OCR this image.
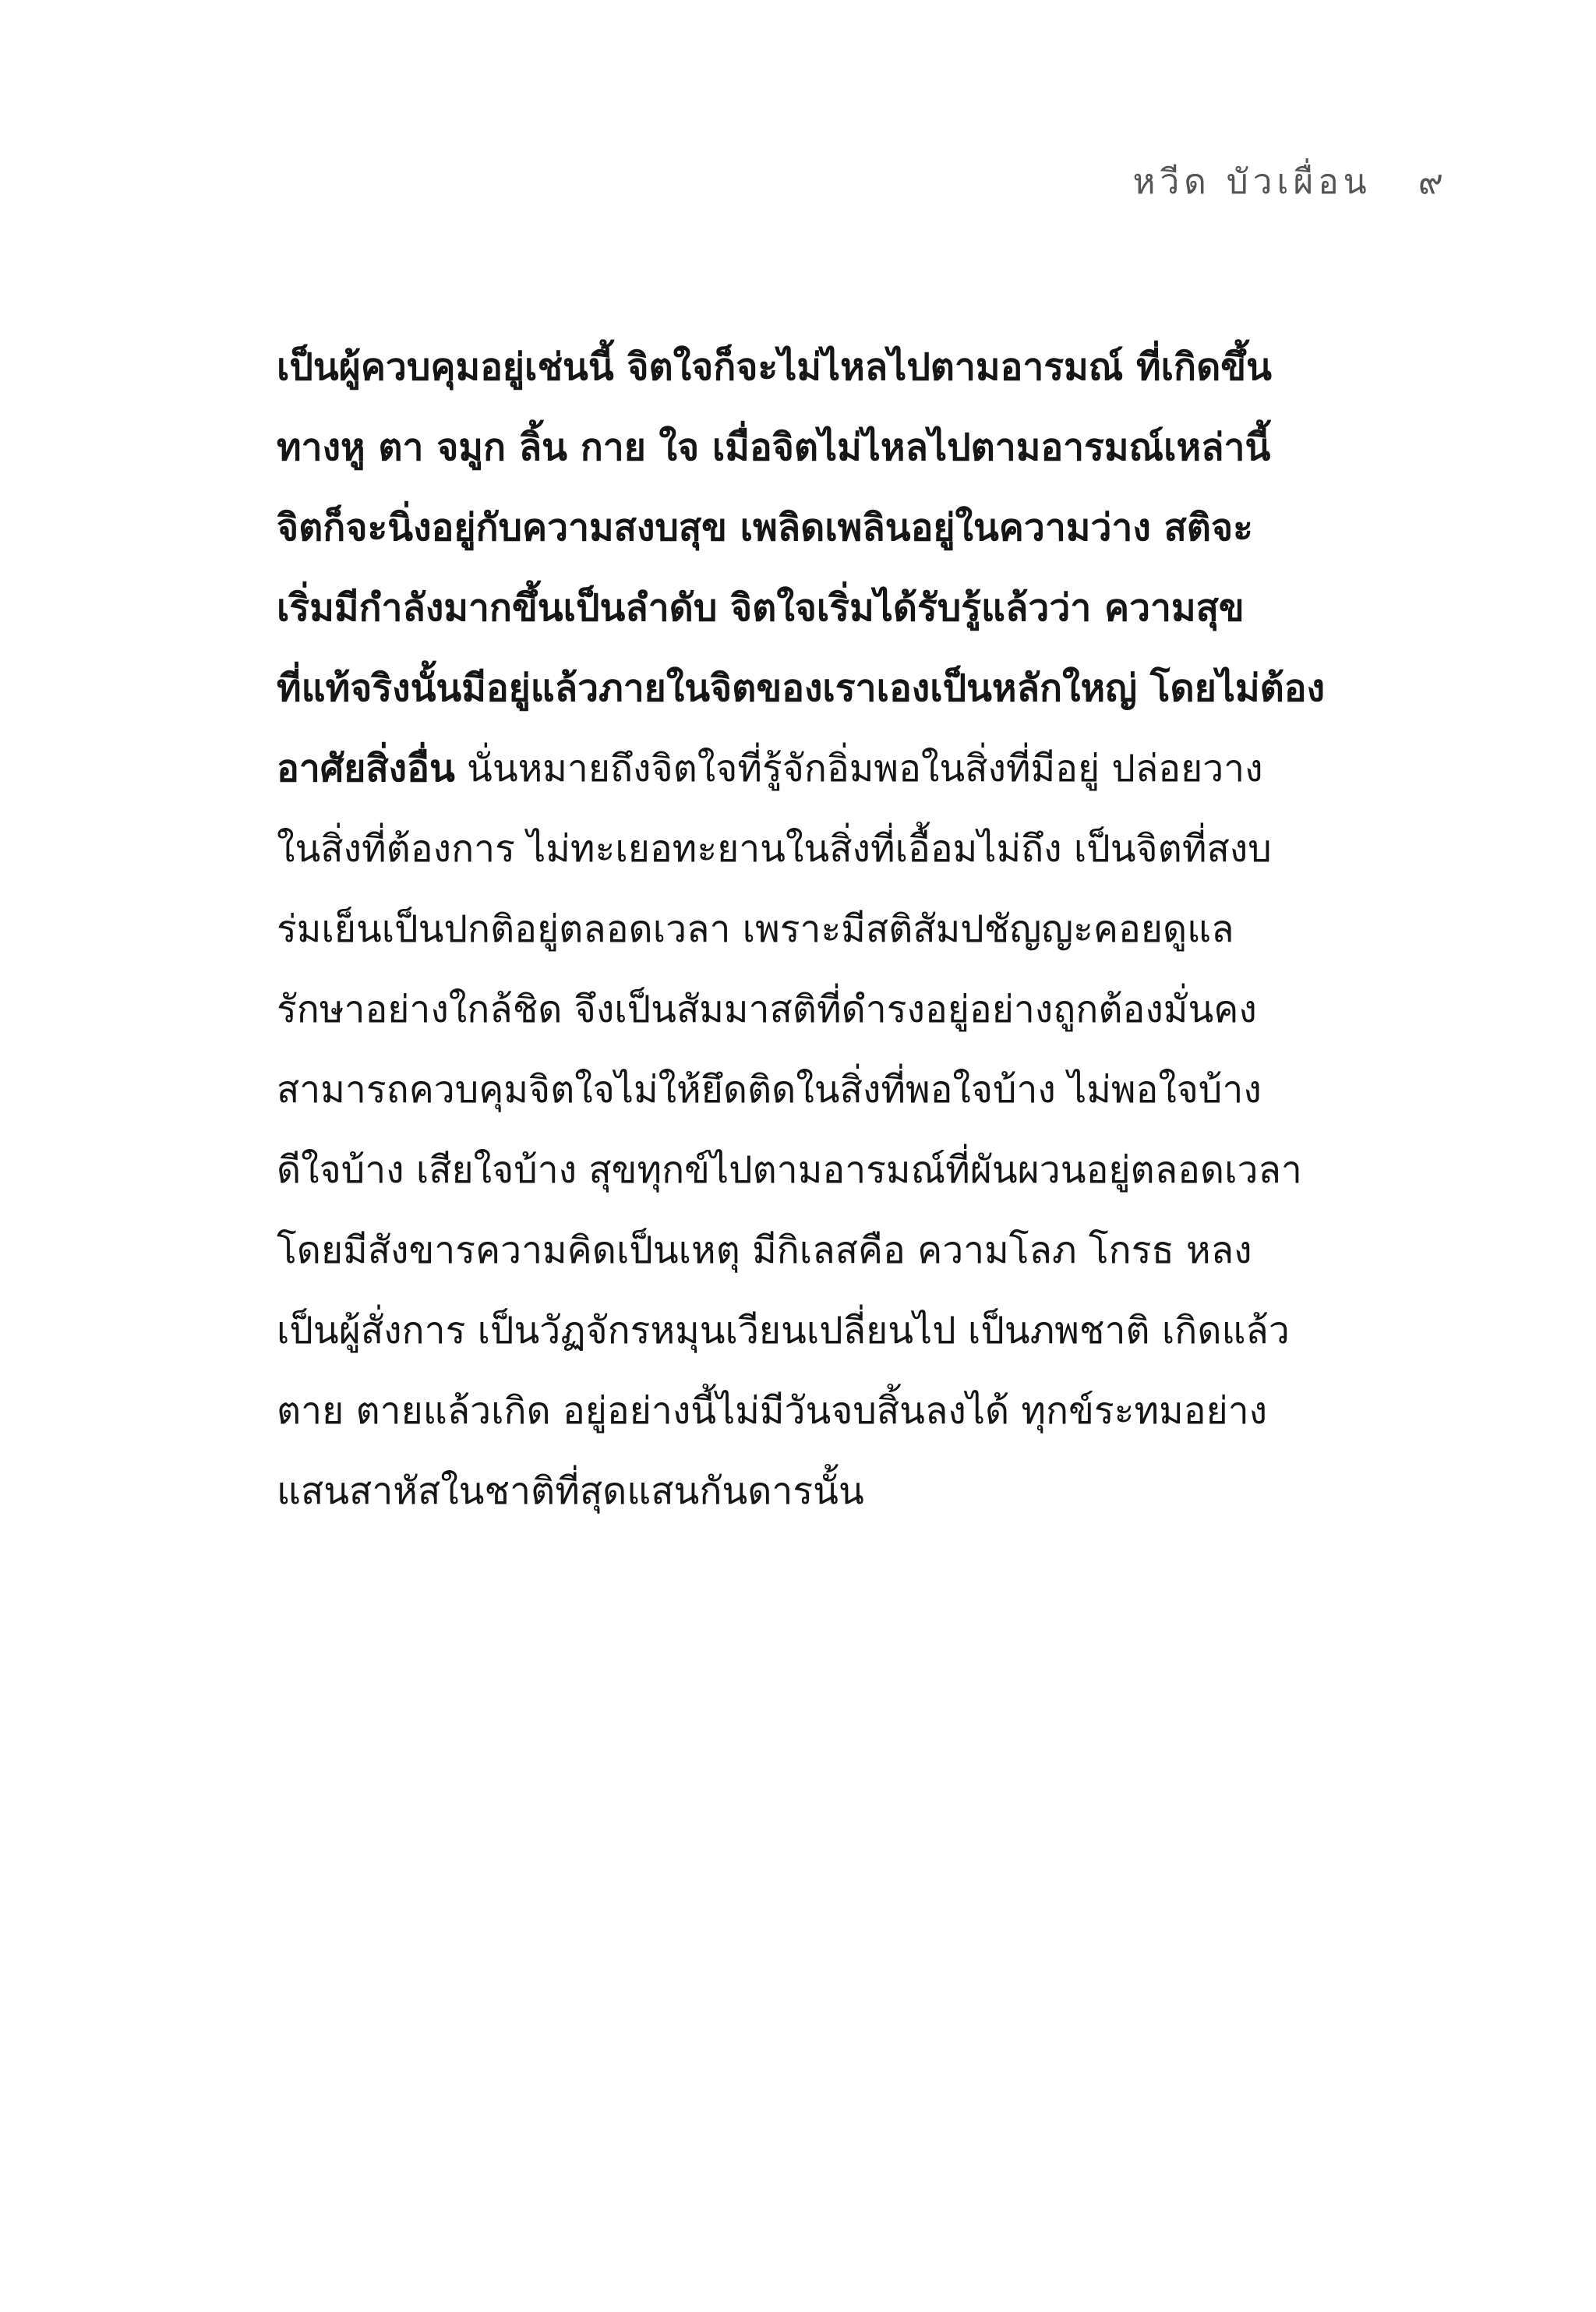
หวีด บัวเผื่อน ๙
เป็นผู้ควบคุมอยู่เช่นนี้ จิตใจก็จะไม่ไหลไปตามอารมณ์ ที่เกิดขึ้น
ทางหู ตา จมูก ลิ้น กาย ใจ เมื่อจิตไม่ไหลไปตามอารมณ์เหล่านี้
จิตก็จะนิ่งอยู่กับความสงบสุข เพลิดเพลินอยู่ในความว่าง สติจะ
เริ่มมีกำลังมากขึ้นเป็นลำดับ จิตใจเริ่มได้รับรู้แล้วว่า ความสุข
ที่แท้จริงนั้นมีอยู่แล้วภายในจิตของเราเองเป็นหลักใหญ่ โดยไม่ต้อง
อาศัยสิ่งอื่น นั่นหมายถึงจิตใจที่รู้จักอิ่มพอในสิ่งที่มีอยู่ ปล่อยวาง
ในสิ่งที่ต้องการ ไม่ทะเยอทะยานในสิ่งที่เอื้อมไม่ถึง เป็นจิตที่สงบ
ร่มเย็นเป็นปกติอยู่ตลอดเวลา เพราะมีสติสัมปชัญญะคอยดูแล
รักษาอย่างใกล้ชิด จึงเป็นสัมมาสติที่ดำรงอยู่อย่างถูกต้องมั่นคง
สามารถควบคุมจิตใจไม่ให้ยึดติดในสิ่งที่พอใจบ้าง ไม่พอใจบ้าง
ดีใจบ้าง เสียใจบ้าง สุขทุกข์ไปตามอารมณ์ที่ผันผวนอยู่ตลอดเวลา
โดยมีสังขารความคิดเป็นเหตุ มีกิเลสคือ ความโลภ โกรธ หลง
เป็นผู้สั่งการ เป็นวัฏจักรหมุนเวียนเปลี่ยนไป เป็นภพชาติ เกิดแล้ว
ตาย ตายแล้วเกิด อยู่อย่างนี้ไม่มีวันจบสิ้นลงได้ ทุกข์ระทมอย่าง
แสนสาหัสในชาติที่สุดแสนกันดารนั้น
